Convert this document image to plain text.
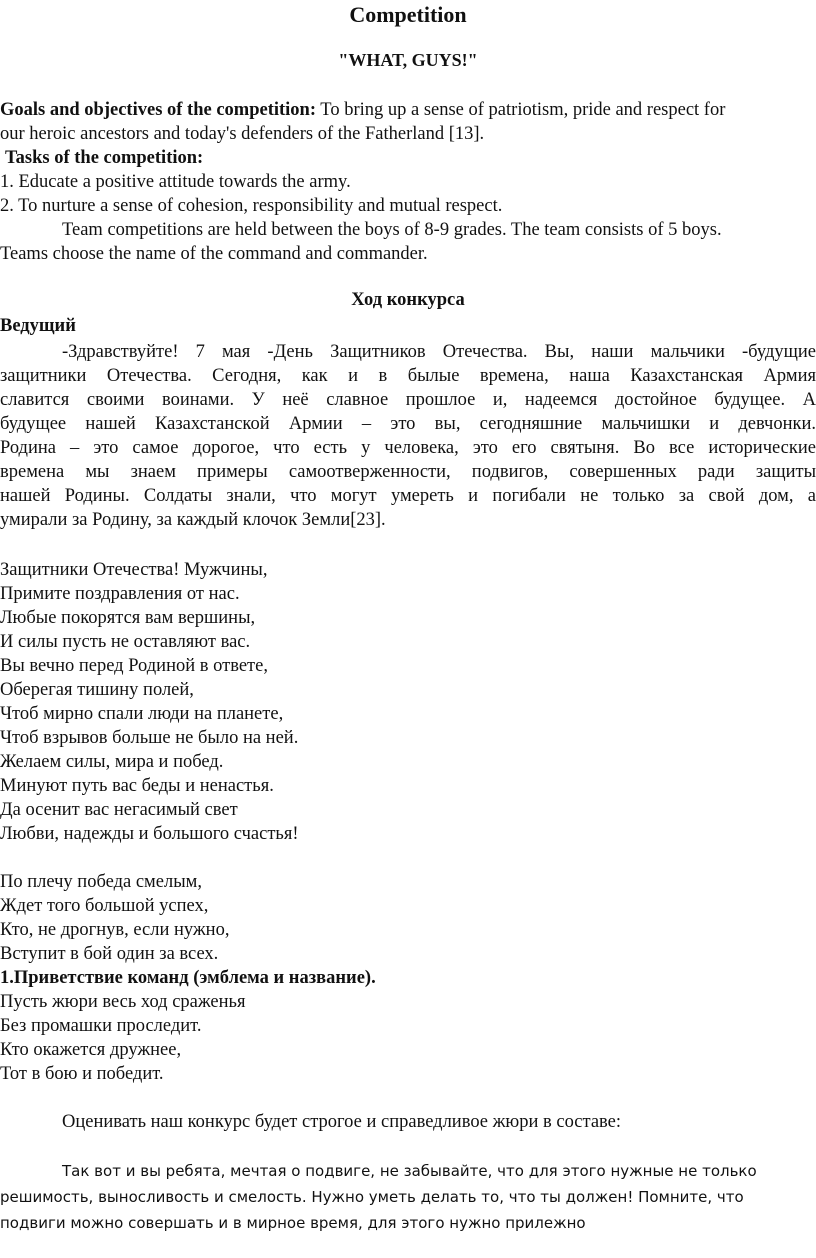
Competition
"WHAT, GUYS!"
Goals and objectives of the competition: To bring up a sense of patriotism, pride and respect for
our heroic ancestors and today's defenders of the Fatherland [13].
Tasks of the competition:
1. Educate a positive attitude towards the army.
2. To nurture a sense of cohesion, responsibility and mutual respect.
Team competitions are held between the boys of 8-9 grades. The team consists of 5 boys.
Teams choose the name of the command and commander.
Ход конкурса
Ведущий
-Здравствуйте! 7 мая -День Защитников Отечества. Вы, наши мальчики -будущие
защитники Отечества. Сегодня, как и в былые времена, наша Казахстанская Армия
славится своими воинами. У неё славное прошлое и, надеемся достойное будущее. А
будущее нашей Казахстанской Армии – это вы, сегодняшние мальчишки и девчонки.
Родина – это самое дорогое, что есть у человека, это его святыня. Во все исторические
времена мы знаем примеры самоотверженности, подвигов, совершенных ради защиты
нашей Родины. Солдаты знали, что могут умереть и погибали не только за свой дом, а
умирали за Родину, за каждый клочок Земли[23].
Защитники Отечества! Мужчины,
Примите поздравления от нас.
Любые покорятся вам вершины,
И силы пусть не оставляют вас.
Вы вечно перед Родиной в ответе,
Оберегая тишину полей,
Чтоб мирно спали люди на планете,
Чтоб взрывов больше не было на ней.
Желаем силы, мира и побед.
Минуют путь вас беды и ненастья.
Да осенит вас негасимый свет
Любви, надежды и большого счастья!
По плечу победа смелым,
Ждет того большой успех,
Кто, не дрогнув, если нужно,
Вступит в бой один за всех.
1.Приветствие команд (эмблема и название).
Пусть жюри весь ход сраженья
Без промашки проследит.
Кто окажется дружнее,
Тот в бою и победит.
Оценивать наш конкурс будет строгое и справедливое жюри в составе:
Так вот и вы ребята, мечтая о подвиге, не забывайте, что для этого нужные не только
решимость, выносливость и смелость. Нужно уметь делать то, что ты должен! Помните, что
подвиги можно совершать и в мирное время, для этого нужно прилежно
